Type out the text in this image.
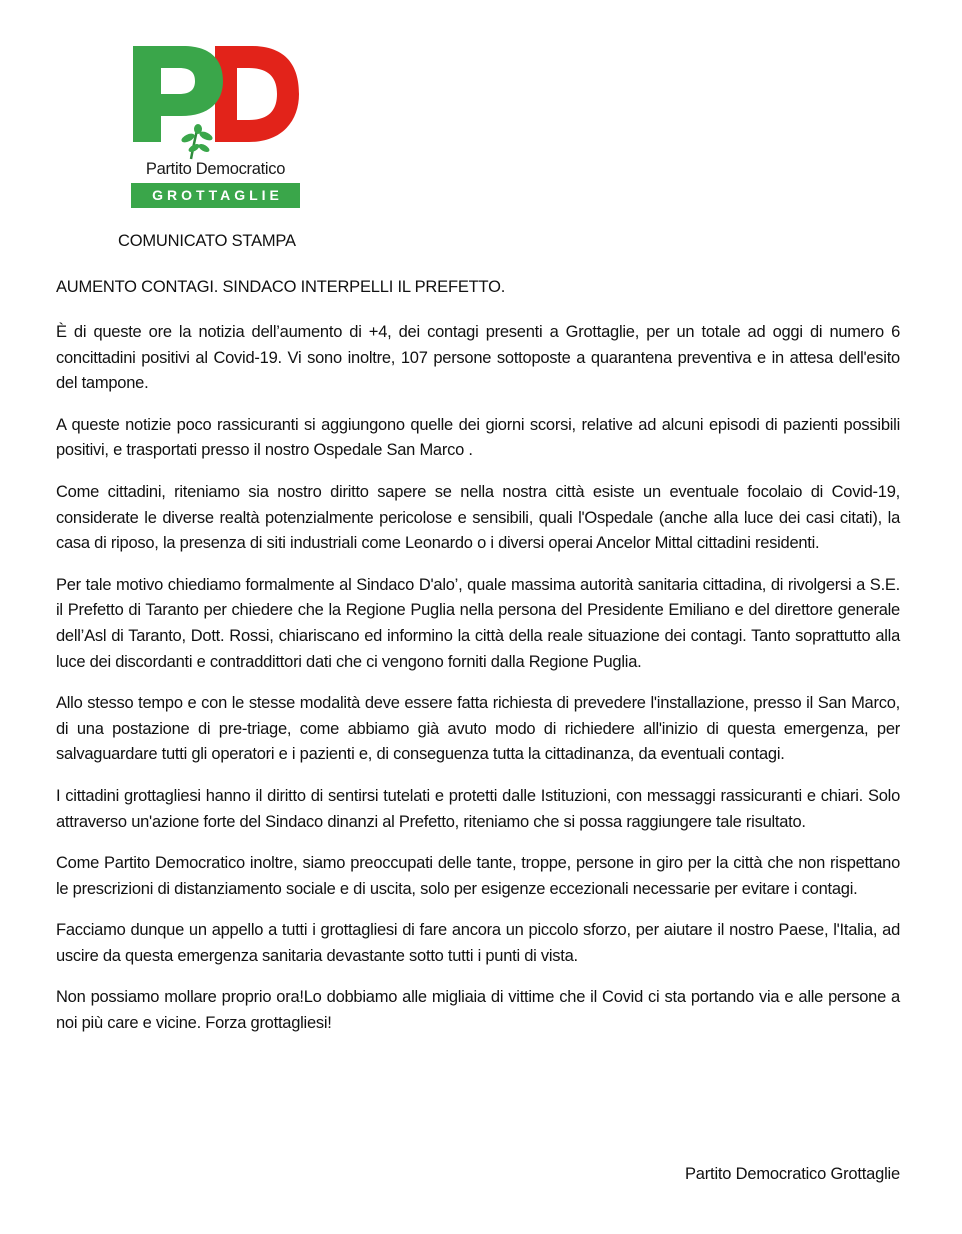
Partito Democratico
GROTTAGLIE
COMUNICATO STAMPA
AUMENTO CONTAGI. SINDACO INTERPELLI IL PREFETTO.

È di queste ore la notizia dell’aumento di +4, dei contagi presenti a Grottaglie, per un totale ad oggi di numero 6 concittadini positivi al Covid-19. Vi sono inoltre, 107 persone sottoposte a quarantena preventiva e in attesa dell'esito del tampone.

A queste notizie poco rassicuranti si aggiungono quelle dei giorni scorsi, relative ad alcuni episodi di pazienti possibili positivi, e trasportati presso il nostro Ospedale San Marco .

Come cittadini, riteniamo sia nostro diritto sapere se nella nostra città esiste un eventuale focolaio di Covid-19, considerate le diverse realtà potenzialmente pericolose e sensibili, quali l'Ospedale (anche alla luce dei casi citati), la casa di riposo, la presenza di siti industriali come Leonardo o i diversi operai Ancelor Mittal cittadini residenti.

Per tale motivo chiediamo formalmente al Sindaco D'alo’, quale massima autorità sanitaria cittadina, di rivolgersi a S.E. il Prefetto di Taranto per chiedere che la Regione Puglia nella persona del Presidente Emiliano e del direttore generale dell’Asl di Taranto, Dott. Rossi, chiariscano ed informino la città della reale situazione dei contagi. Tanto soprattutto alla luce dei discordanti e contraddittori dati che ci vengono forniti dalla Regione Puglia.

Allo stesso tempo e con le stesse modalità deve essere fatta richiesta di prevedere l'installazione, presso il San Marco, di una postazione di pre-triage, come abbiamo già avuto modo di richiedere all'inizio di questa emergenza, per salvaguardare tutti gli operatori e i pazienti e, di conseguenza tutta la cittadinanza, da eventuali contagi.

I cittadini grottagliesi hanno il diritto di sentirsi tutelati e protetti dalle Istituzioni, con messaggi rassicuranti e chiari. Solo attraverso un'azione forte del Sindaco dinanzi al Prefetto, riteniamo che si possa raggiungere tale risultato.

Come Partito Democratico inoltre, siamo preoccupati delle tante, troppe, persone in giro per la città che non rispettano le prescrizioni di distanziamento sociale e di uscita, solo per esigenze eccezionali necessarie per evitare i contagi.

Facciamo dunque un appello a tutti i grottagliesi di fare ancora un piccolo sforzo, per aiutare il nostro Paese, l'Italia, ad uscire da questa emergenza sanitaria devastante sotto tutti i punti di vista.

Non possiamo mollare proprio ora!Lo dobbiamo alle migliaia di vittime che il Covid ci sta portando via e alle persone a noi più care e vicine. Forza grottagliesi!

Partito Democratico Grottaglie
